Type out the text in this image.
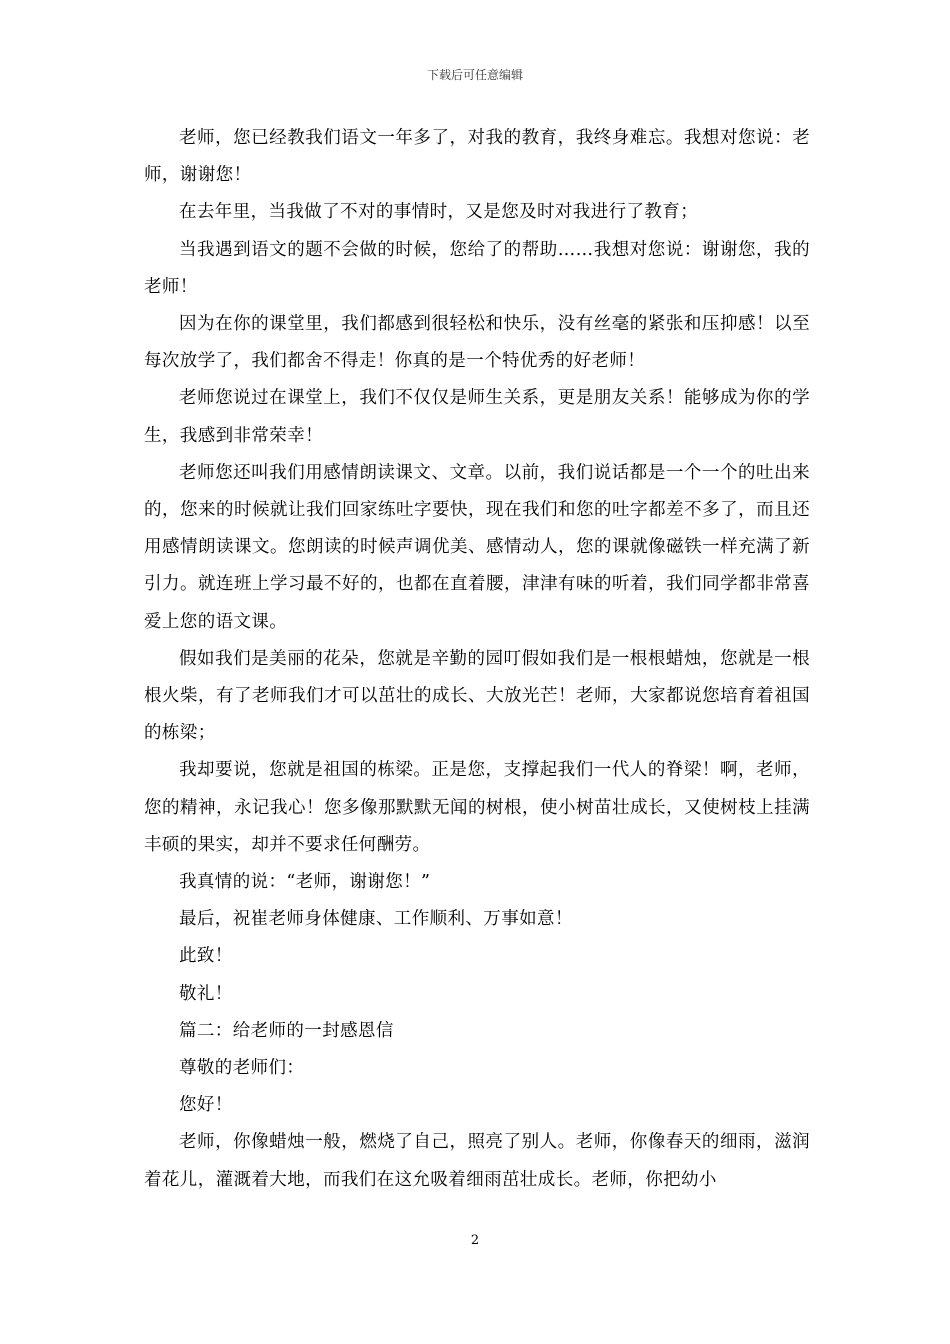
下载后可任意编辑

老师，您已经教我们语文一年多了，对我的教育，我终身难忘。我想对您说：老师，谢谢您！

在去年里，当我做了不对的事情时，又是您及时对我进行了教育；

当我遇到语文的题不会做的时候，您给了的帮助……我想对您说：谢谢您，我的老师！

因为在你的课堂里，我们都感到很轻松和快乐，没有丝毫的紧张和压抑感！以至每次放学了，我们都舍不得走！你真的是一个特优秀的好老师！

老师您说过在课堂上，我们不仅仅是师生关系，更是朋友关系！能够成为你的学生，我感到非常荣幸！

老师您还叫我们用感情朗读课文、文章。以前，我们说话都是一个一个的吐出来的，您来的时候就让我们回家练吐字要快，现在我们和您的吐字都差不多了，而且还用感情朗读课文。您朗读的时候声调优美、感情动人，您的课就像磁铁一样充满了新引力。就连班上学习最不好的，也都在直着腰，津津有味的听着，我们同学都非常喜爱上您的语文课。

假如我们是美丽的花朵，您就是辛勤的园叮假如我们是一根根蜡烛，您就是一根根火柴，有了老师我们才可以茁壮的成长、大放光芒！老师，大家都说您培育着祖国的栋梁；

我却要说，您就是祖国的栋梁。正是您，支撑起我们一代人的脊梁！啊，老师，您的精神，永记我心！您多像那默默无闻的树根，使小树苗壮成长，又使树枝上挂满丰硕的果实，却并不要求任何酬劳。

我真情的说：“老师，谢谢您！”

最后，祝崔老师身体健康、工作顺利、万事如意！

此致！

敬礼！

篇二：给老师的一封感恩信

尊敬的老师们：

您好！

老师，你像蜡烛一般，燃烧了自己，照亮了别人。老师，你像春天的细雨，滋润着花儿，灌溉着大地，而我们在这允吸着细雨茁壮成长。老师，你把幼小

2
